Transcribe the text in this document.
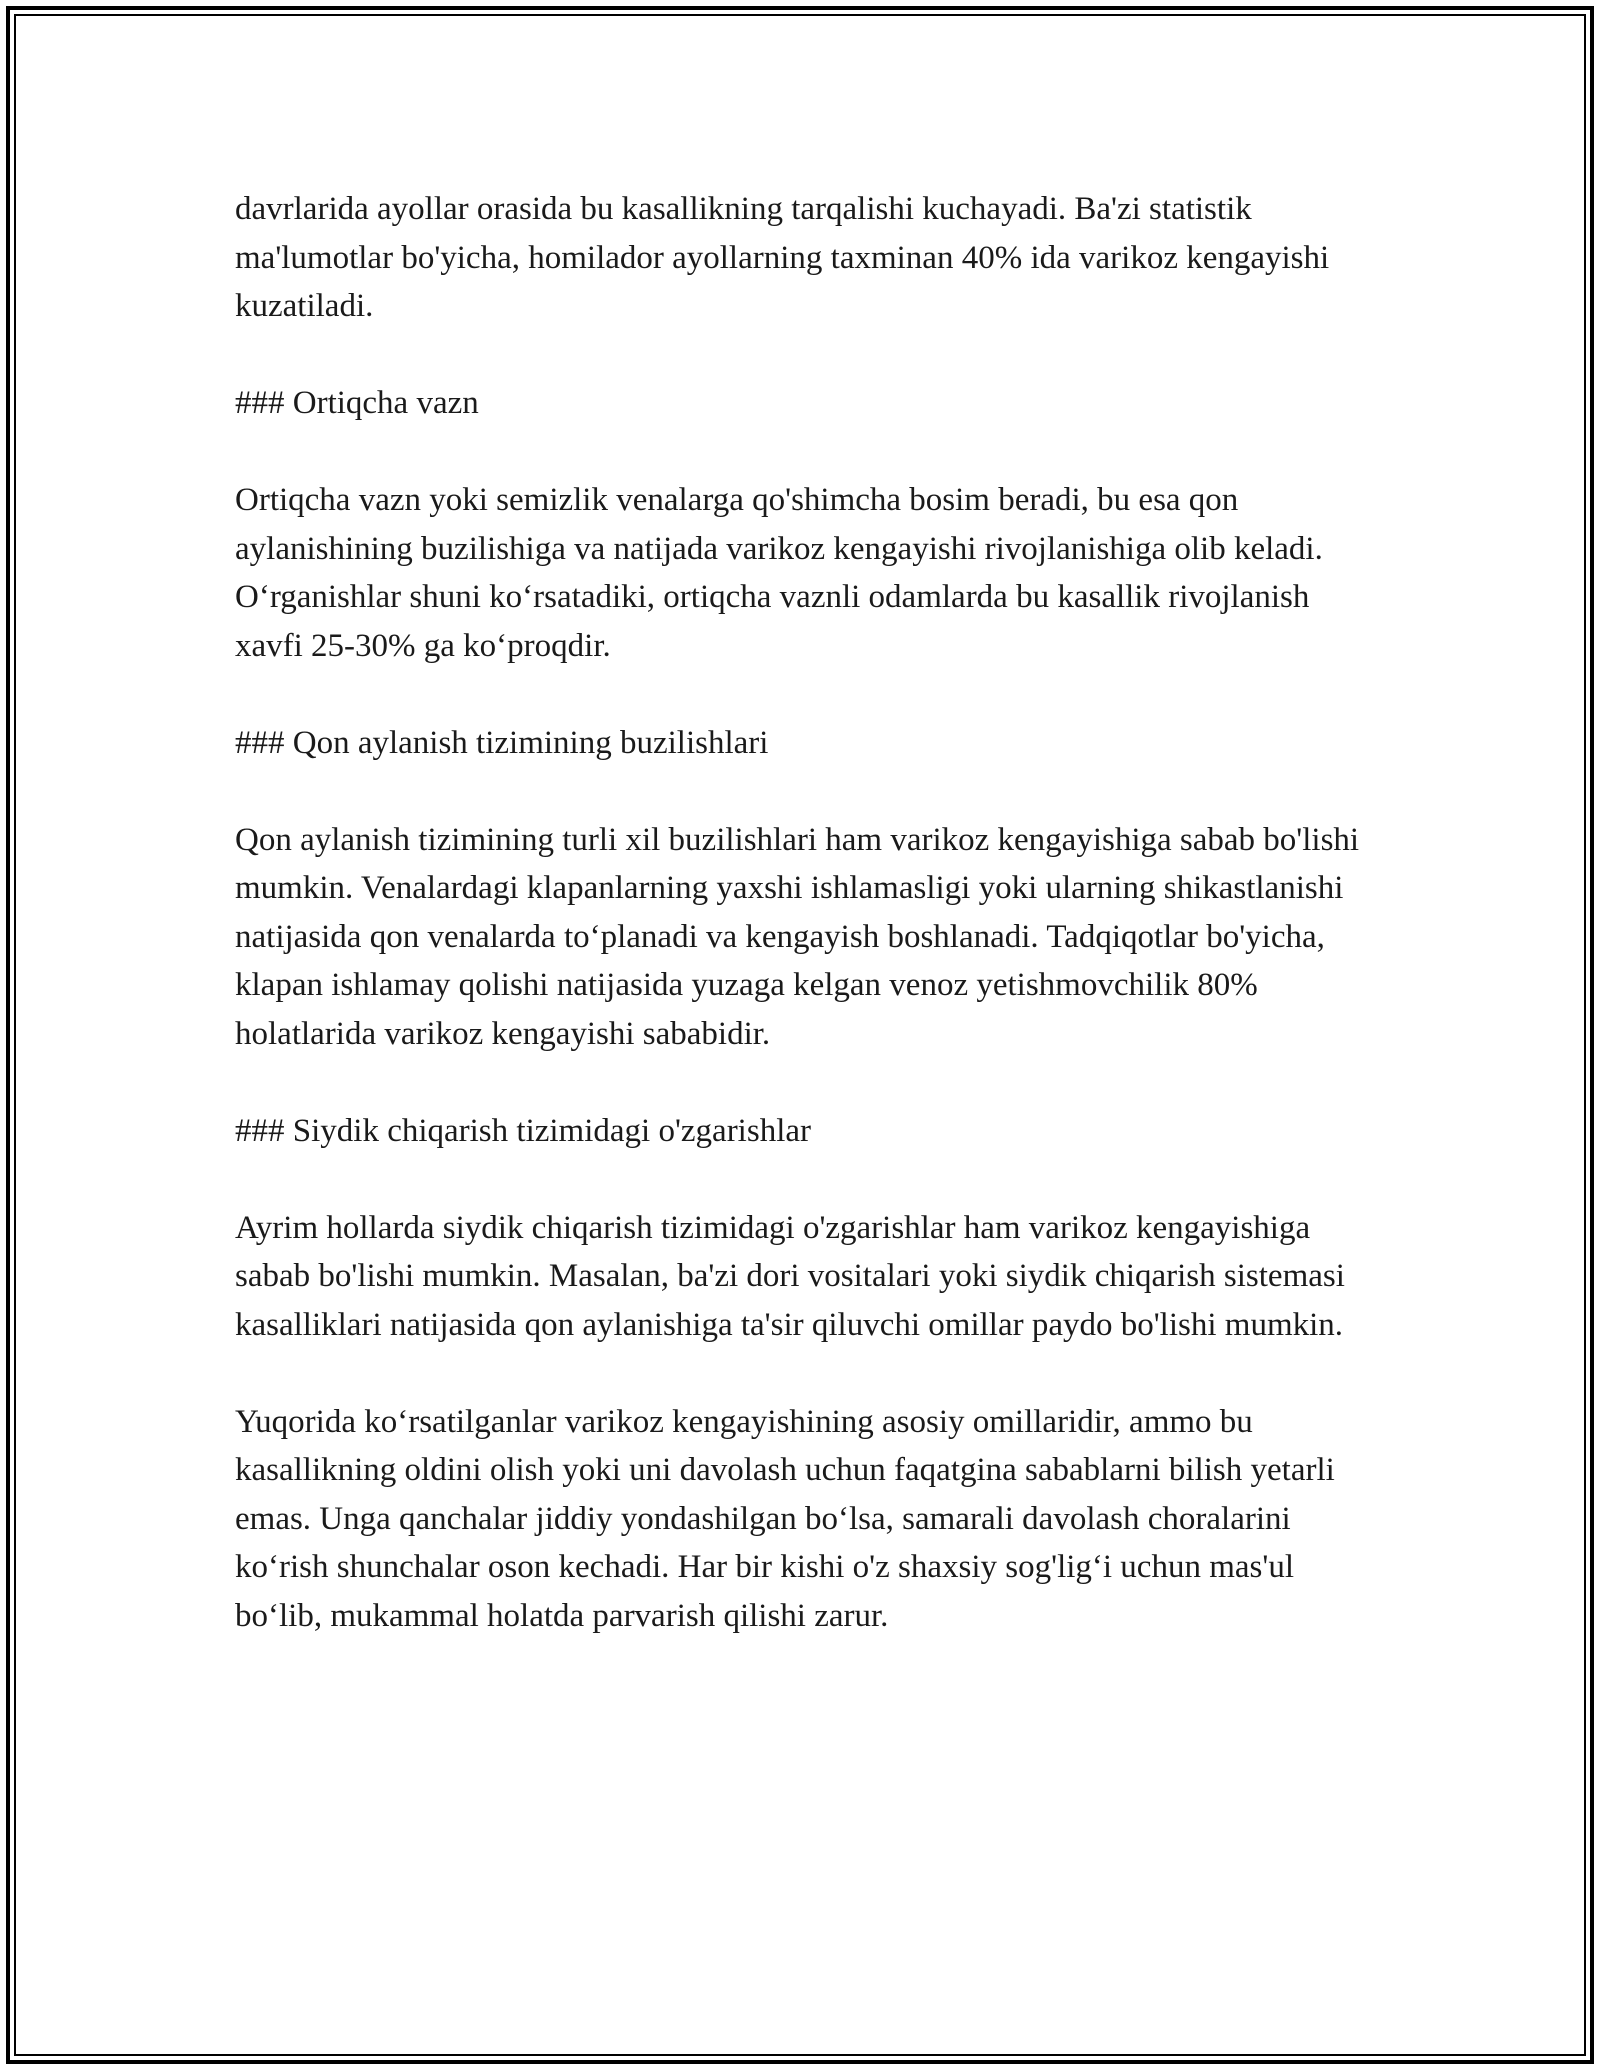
davrlarida ayollar orasida bu kasallikning tarqalishi kuchayadi. Ba'zi statistik ma'lumotlar bo'yicha, homilador ayollarning taxminan 40% ida varikoz kengayishi kuzatiladi.

### Ortiqcha vazn

Ortiqcha vazn yoki semizlik venalarga qo'shimcha bosim beradi, bu esa qon aylanishining buzilishiga va natijada varikoz kengayishi rivojlanishiga olib keladi. O‘rganishlar shuni ko‘rsatadiki, ortiqcha vaznli odamlarda bu kasallik rivojlanish xavfi 25-30% ga ko‘proqdir.

### Qon aylanish tizimining buzilishlari

Qon aylanish tizimining turli xil buzilishlari ham varikoz kengayishiga sabab bo'lishi mumkin. Venalardagi klapanlarning yaxshi ishlamasligi yoki ularning shikastlanishi natijasida qon venalarda to‘planadi va kengayish boshlanadi. Tadqiqotlar bo'yicha, klapan ishlamay qolishi natijasida yuzaga kelgan venoz yetishmovchilik 80% holatlarida varikoz kengayishi sababidir.

### Siydik chiqarish tizimidagi o'zgarishlar

Ayrim hollarda siydik chiqarish tizimidagi o'zgarishlar ham varikoz kengayishiga sabab bo'lishi mumkin. Masalan, ba'zi dori vositalari yoki siydik chiqarish sistemasi kasalliklari natijasida qon aylanishiga ta'sir qiluvchi omillar paydo bo'lishi mumkin.

Yuqorida ko‘rsatilganlar varikoz kengayishining asosiy omillaridir, ammo bu kasallikning oldini olish yoki uni davolash uchun faqatgina sabablarni bilish yetarli emas. Unga qanchalar jiddiy yondashilgan bo‘lsa, samarali davolash choralarini ko‘rish shunchalar oson kechadi. Har bir kishi o'z shaxsiy sog'lig‘i uchun mas'ul bo‘lib, mukammal holatda parvarish qilishi zarur.
